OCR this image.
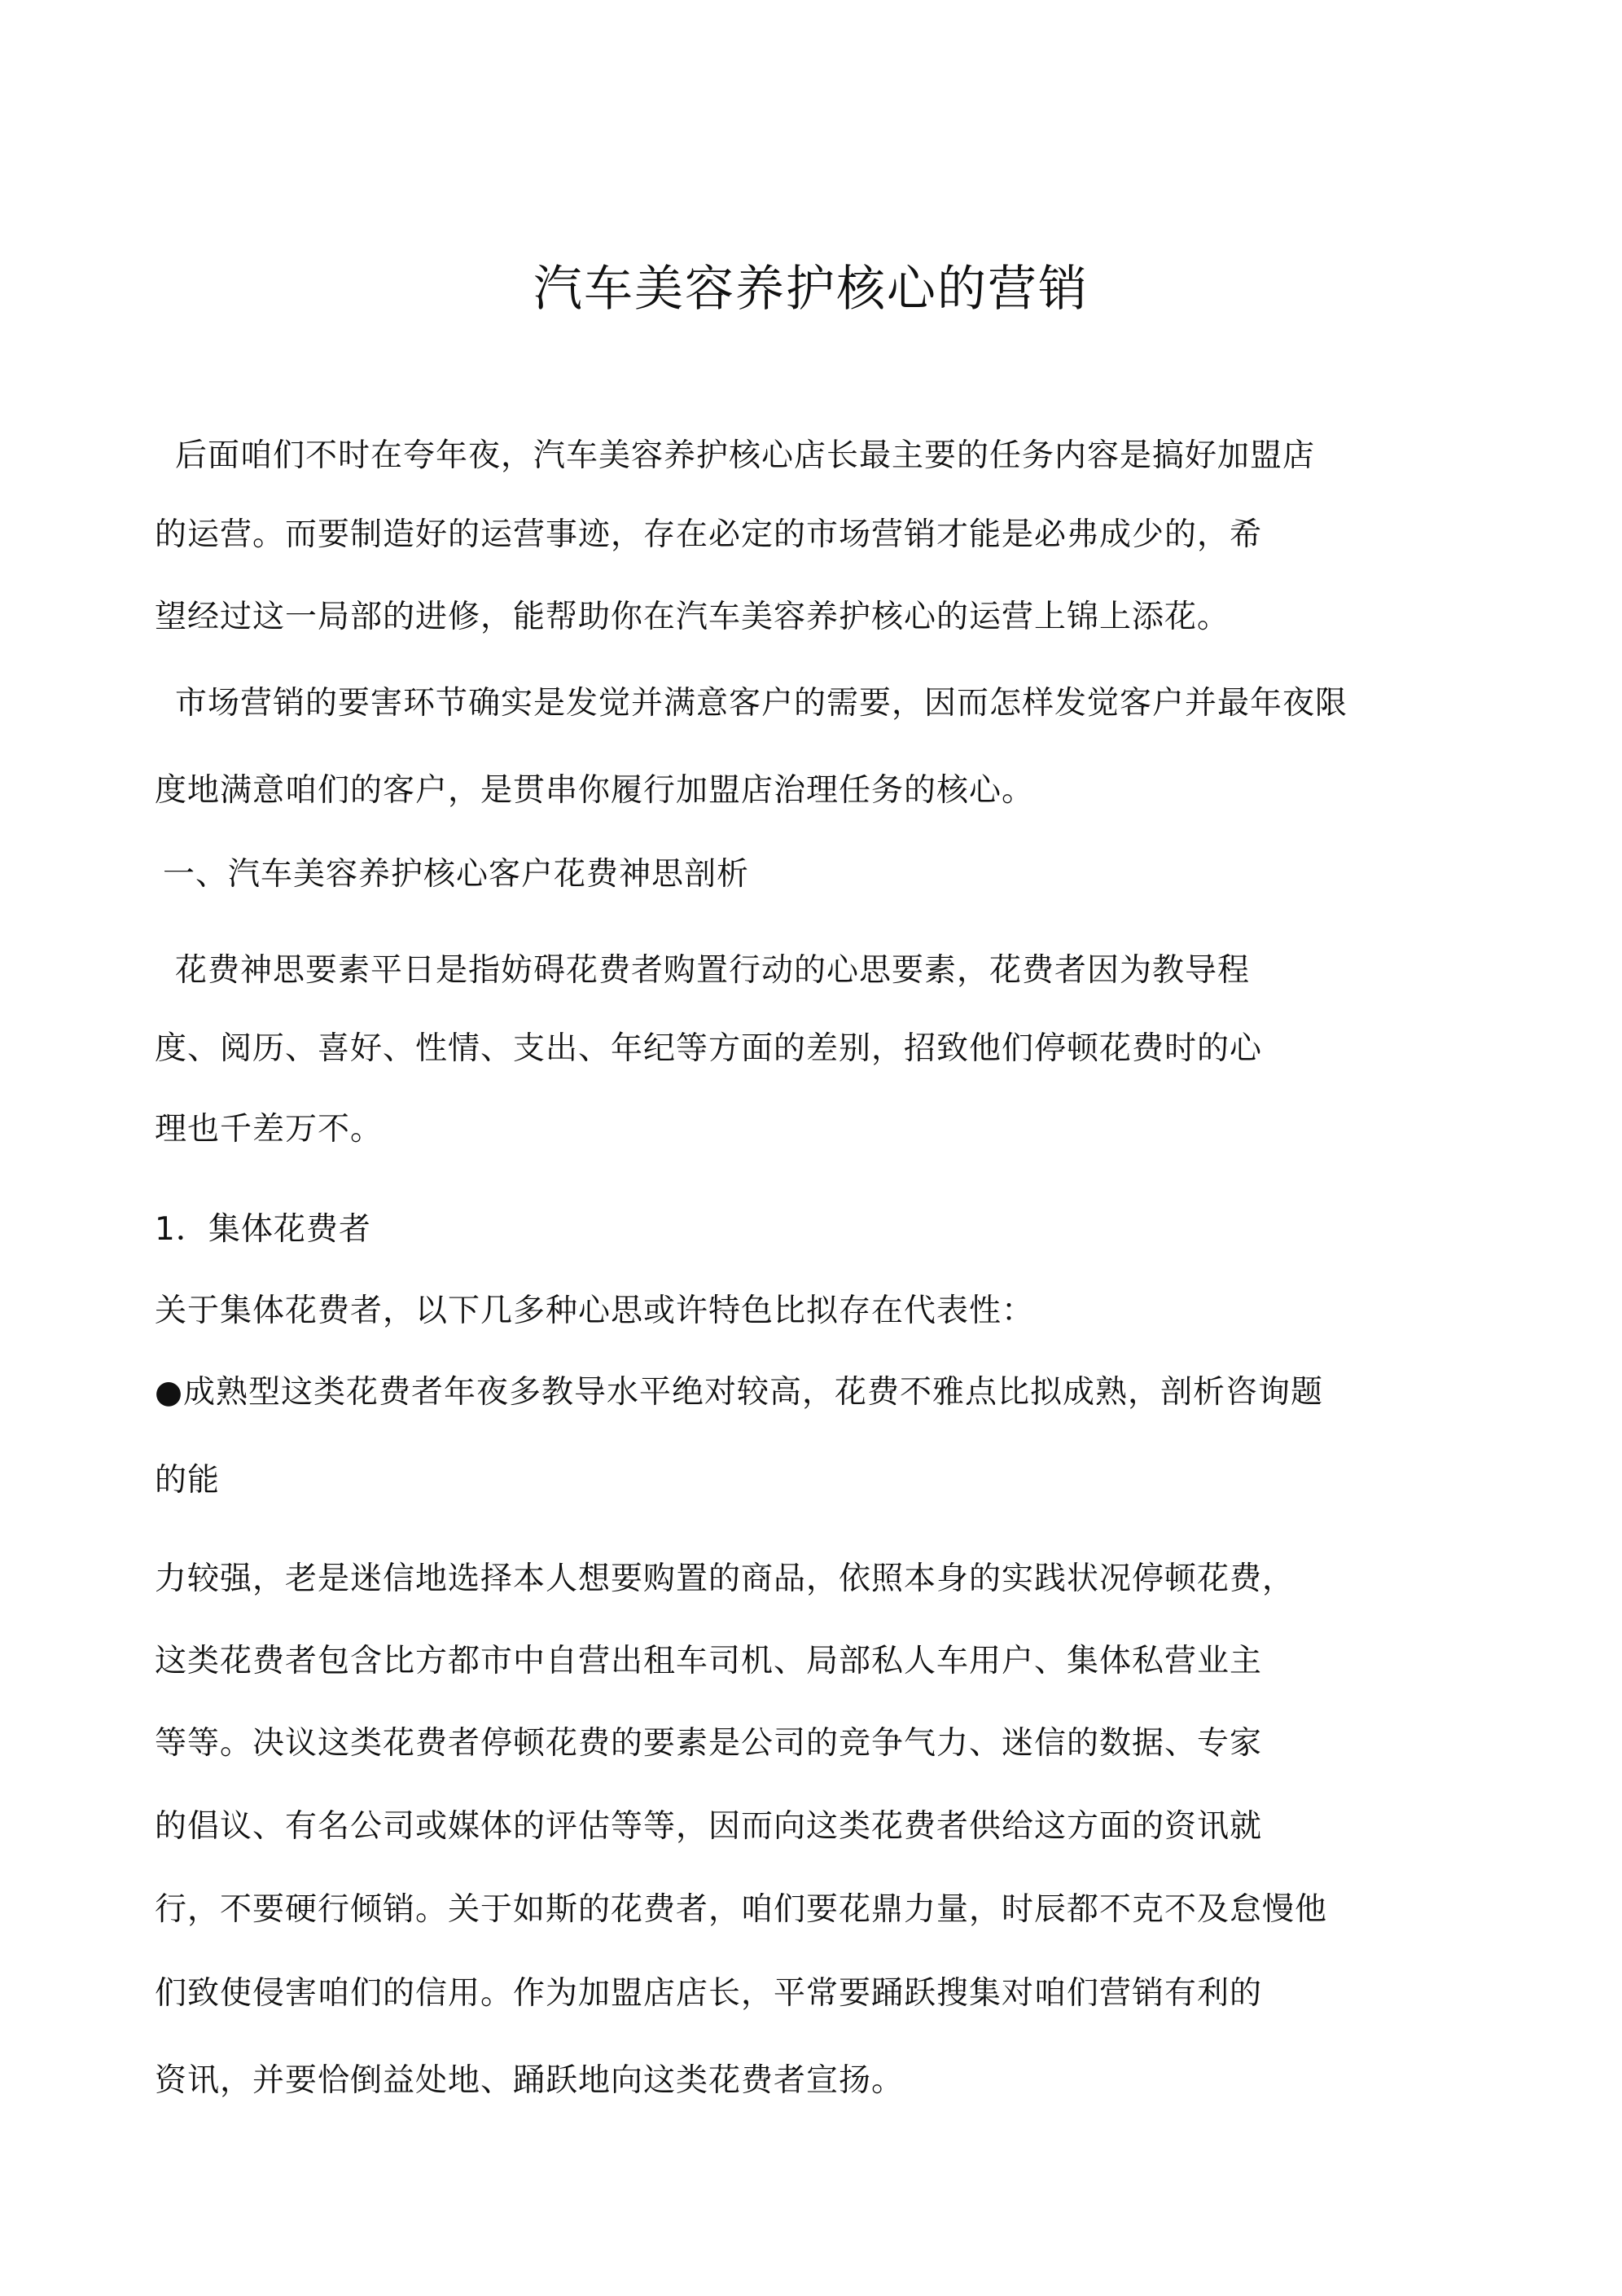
汽车美容养护核心的营销
后面咱们不时在夸年夜，汽车美容养护核心店长最主要的任务内容是搞好加盟店
的运营。而要制造好的运营事迹，存在必定的市场营销才能是必弗成少的，希
望经过这一局部的进修，能帮助你在汽车美容养护核心的运营上锦上添花。
市场营销的要害环节确实是发觉并满意客户的需要，因而怎样发觉客户并最年夜限
度地满意咱们的客户，是贯串你履行加盟店治理任务的核心。
一、汽车美容养护核心客户花费神思剖析
花费神思要素平日是指妨碍花费者购置行动的心思要素，花费者因为教导程
度、阅历、喜好、性情、支出、年纪等方面的差别，招致他们停顿花费时的心
理也千差万不。
1．集体花费者
关于集体花费者，以下几多种心思或许特色比拟存在代表性：
●成熟型这类花费者年夜多教导水平绝对较高，花费不雅点比拟成熟，剖析咨询题
的能
力较强，老是迷信地选择本人想要购置的商品，依照本身的实践状况停顿花费，
这类花费者包含比方都市中自营出租车司机、局部私人车用户、集体私营业主
等等。决议这类花费者停顿花费的要素是公司的竞争气力、迷信的数据、专家
的倡议、有名公司或媒体的评估等等，因而向这类花费者供给这方面的资讯就
行，不要硬行倾销。关于如斯的花费者，咱们要花鼎力量，时辰都不克不及怠慢他
们致使侵害咱们的信用。作为加盟店店长，平常要踊跃搜集对咱们营销有利的
资讯，并要恰倒益处地、踊跃地向这类花费者宣扬。
